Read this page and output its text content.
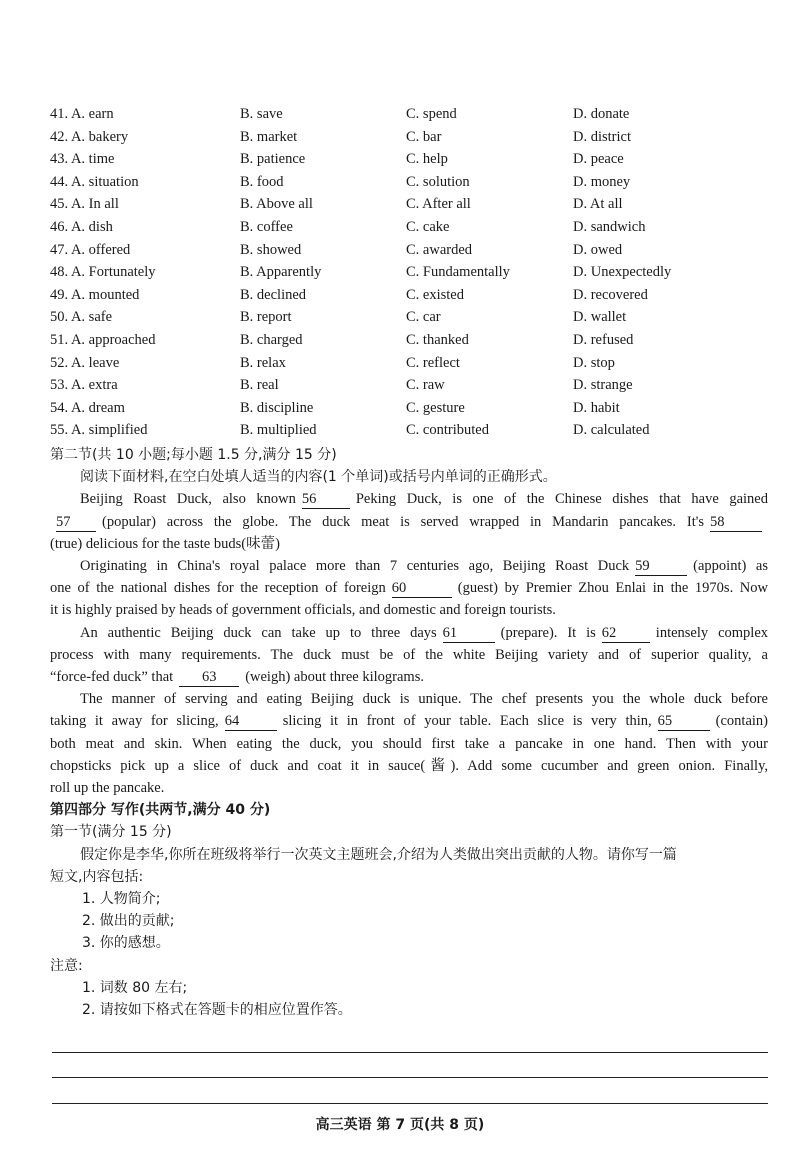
41. A. earn	B. save	C. spend	D. donate
42. A. bakery	B. market	C. bar	D. district
43. A. time	B. patience	C. help	D. peace
44. A. situation	B. food	C. solution	D. money
45. A. In all	B. Above all	C. After all	D. At all
46. A. dish	B. coffee	C. cake	D. sandwich
47. A. offered	B. showed	C. awarded	D. owed
48. A. Fortunately	B. Apparently	C. Fundamentally	D. Unexpectedly
49. A. mounted	B. declined	C. existed	D. recovered
50. A. safe	B. report	C. car	D. wallet
51. A. approached	B. charged	C. thanked	D. refused
52. A. leave	B. relax	C. reflect	D. stop
53. A. extra	B. real	C. raw	D. strange
54. A. dream	B. discipline	C. gesture	D. habit
55. A. simplified	B. multiplied	C. contributed	D. calculated
第二节(共 10 小题;每小题 1.5 分,满分 15 分)
阅读下面材料,在空白处填人适当的内容(1 个单词)或括号内单词的正确形式。
Beijing Roast Duck, also known 56	Peking Duck, is one of the Chinese dishes that have gained
57 (popular) across the globe. The duck meat is served wrapped in Mandarin pancakes. It's 58
(true) delicious for the taste buds(味蕾)
Originating in China's royal palace more than 7 centuries ago, Beijing Roast Duck 59	(appoint) as
one of the national dishes for the reception of foreign 60	(guest) by Premier Zhou Enlai in the 1970s. Now
it is highly praised by heads of government officials, and domestic and foreign tourists.
An authentic Beijing duck can take up to three days 61	(prepare). It is 62	intensely complex
process with many requirements. The duck must be of the white Beijing variety and of superior quality, a
“force-fed duck” that 63 (weigh) about three kilograms.
The manner of serving and eating Beijing duck is unique. The chef presents you the whole duck before
taking it away for slicing, 64	slicing it in front of your table. Each slice is very thin, 65	(contain)
both meat and skin. When eating the duck, you should first take a pancake in one hand. Then with your
chopsticks pick up a slice of duck and coat it in sauce(酱). Add some cucumber and green onion. Finally,
roll up the pancake.
第四部分 写作(共两节,满分 40 分)
第一节(满分 15 分)
假定你是李华,你所在班级将举行一次英文主题班会,介绍为人类做出突出贡献的人物。请你写一篇
短文,内容包括:
1. 人物简介;
2. 做出的贡献;
3. 你的感想。
注意:
1. 词数 80 左右;
2. 请按如下格式在答题卡的相应位置作答。
高三英语 第 7 页(共 8 页)
